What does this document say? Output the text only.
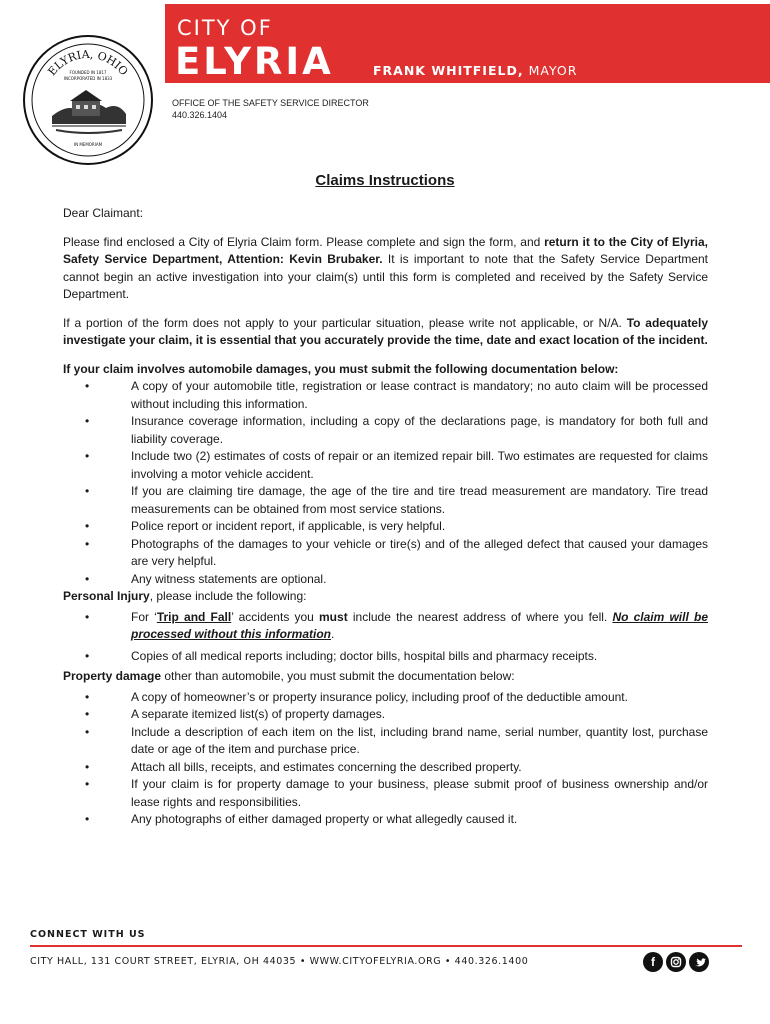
ELYRIA, OHIO
FOUNDED IN 1817
INCORPORATED IN 1833
IN MEMORIAM
CITY OF
ELYRIA	FRANK WHITFIELD, MAYOR
OFFICE OF THE SAFETY SERVICE DIRECTOR
440.326.1404
Claims Instructions

Dear Claimant:

Please find enclosed a City of Elyria Claim form. Please complete and sign the form, and return it to the City of Elyria, Safety Service Department, Attention: Kevin Brubaker. It is important to note that the Safety Service Department cannot begin an active investigation into your claim(s) until this form is completed and received by the Safety Service Department.

If a portion of the form does not apply to your particular situation, please write not applicable, or N/A. To adequately investigate your claim, it is essential that you accurately provide the time, date and exact location of the incident.

If your claim involves automobile damages, you must submit the following documentation below:

•	A copy of your automobile title, registration or lease contract is mandatory; no auto claim will be processed without including this information.
•	Insurance coverage information, including a copy of the declarations page, is mandatory for both full and liability coverage.
•	Include two (2) estimates of costs of repair or an itemized repair bill. Two estimates are requested for claims involving a motor vehicle accident.
•	If you are claiming tire damage, the age of the tire and tire tread measurement are mandatory. Tire tread measurements can be obtained from most service stations.
•	Police report or incident report, if applicable, is very helpful.
•	Photographs of the damages to your vehicle or tire(s) and of the alleged defect that caused your damages are very helpful.
•	Any witness statements are optional.

Personal Injury, please include the following:

•	For ‘Trip and Fall’ accidents you must include the nearest address of where you fell. No claim will be processed without this information.
•	Copies of all medical reports including; doctor bills, hospital bills and pharmacy receipts.

Property damage other than automobile, you must submit the documentation below:

•	A copy of homeowner’s or property insurance policy, including proof of the deductible amount.
•	A separate itemized list(s) of property damages.
•	Include a description of each item on the list, including brand name, serial number, quantity lost, purchase date or age of the item and purchase price.
•	Attach all bills, receipts, and estimates concerning the described property.
•	If your claim is for property damage to your business, please submit proof of business ownership and/or lease rights and responsibilities.
•	Any photographs of either damaged property or what allegedly caused it.
CONNECT WITH US
CITY HALL, 131 COURT STREET, ELYRIA, OH 44035 • WWW.CITYOFELYRIA.ORG • 440.326.1400	f
